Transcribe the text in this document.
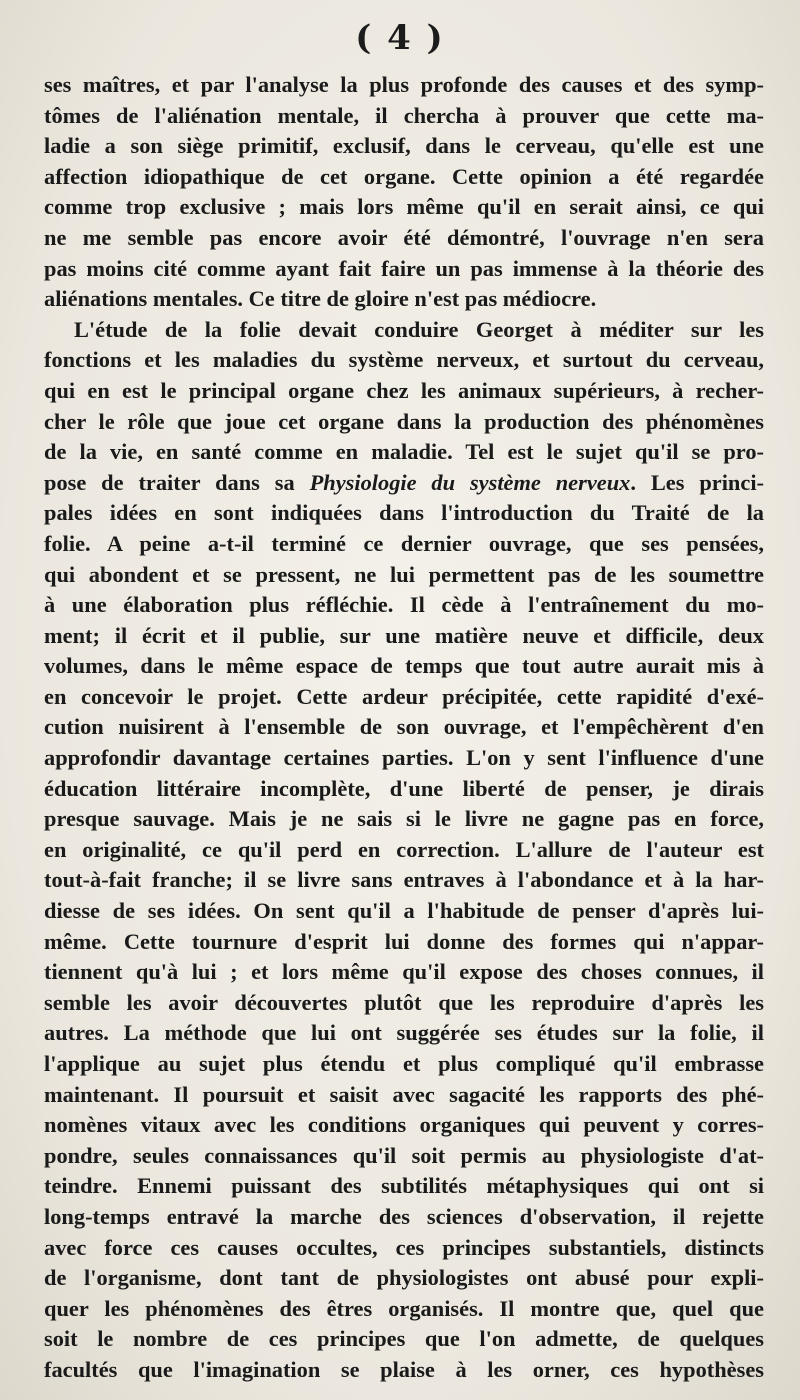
( 4 )
ses maîtres, et par l'analyse la plus profonde des causes et des symp-
tômes de l'aliénation mentale, il chercha à prouver que cette ma-
ladie a son siège primitif, exclusif, dans le cerveau, qu'elle est une
affection idiopathique de cet organe. Cette opinion a été regardée
comme trop exclusive ; mais lors même qu'il en serait ainsi, ce qui
ne me semble pas encore avoir été démontré, l'ouvrage n'en sera
pas moins cité comme ayant fait faire un pas immense à la théorie des
aliénations mentales. Ce titre de gloire n'est pas médiocre.
L'étude de la folie devait conduire Georget à méditer sur les
fonctions et les maladies du système nerveux, et surtout du cerveau,
qui en est le principal organe chez les animaux supérieurs, à recher-
cher le rôle que joue cet organe dans la production des phénomènes
de la vie, en santé comme en maladie. Tel est le sujet qu'il se pro-
pose de traiter dans sa Physiologie du système nerveux. Les princi-
pales idées en sont indiquées dans l'introduction du Traité de la
folie. A peine a-t-il terminé ce dernier ouvrage, que ses pensées,
qui abondent et se pressent, ne lui permettent pas de les soumettre
à une élaboration plus réfléchie. Il cède à l'entraînement du mo-
ment; il écrit et il publie, sur une matière neuve et difficile, deux
volumes, dans le même espace de temps que tout autre aurait mis à
en concevoir le projet. Cette ardeur précipitée, cette rapidité d'exé-
cution nuisirent à l'ensemble de son ouvrage, et l'empêchèrent d'en
approfondir davantage certaines parties. L'on y sent l'influence d'une
éducation littéraire incomplète, d'une liberté de penser, je dirais
presque sauvage. Mais je ne sais si le livre ne gagne pas en force,
en originalité, ce qu'il perd en correction. L'allure de l'auteur est
tout-à-fait franche; il se livre sans entraves à l'abondance et à la har-
diesse de ses idées. On sent qu'il a l'habitude de penser d'après lui-
même. Cette tournure d'esprit lui donne des formes qui n'appar-
tiennent qu'à lui ; et lors même qu'il expose des choses connues, il
semble les avoir découvertes plutôt que les reproduire d'après les
autres. La méthode que lui ont suggérée ses études sur la folie, il
l'applique au sujet plus étendu et plus compliqué qu'il embrasse
maintenant. Il poursuit et saisit avec sagacité les rapports des phé-
nomènes vitaux avec les conditions organiques qui peuvent y corres-
pondre, seules connaissances qu'il soit permis au physiologiste d'at-
teindre. Ennemi puissant des subtilités métaphysiques qui ont si
long-temps entravé la marche des sciences d'observation, il rejette
avec force ces causes occultes, ces principes substantiels, distincts
de l'organisme, dont tant de physiologistes ont abusé pour expli-
quer les phénomènes des êtres organisés. Il montre que, quel que
soit le nombre de ces principes que l'on admette, de quelques
facultés que l'imagination se plaise à les orner, ces hypothèses
